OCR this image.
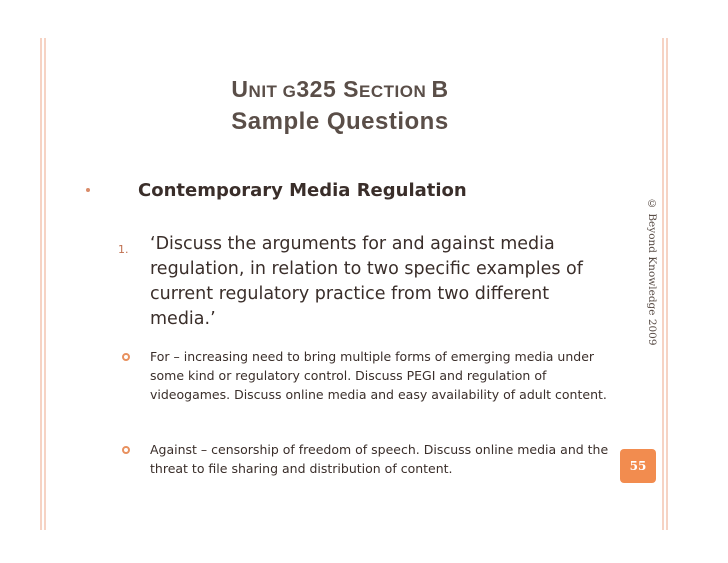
UNIT G325 SECTION B
Sample Questions
Contemporary Media Regulation
1. ‘Discuss the arguments for and against media regulation, in relation to two specific examples of current regulatory practice from two different media.’
For – increasing need to bring multiple forms of emerging media under some kind or regulatory control. Discuss PEGI and regulation of videogames. Discuss online media and easy availability of adult content.
Against – censorship of freedom of speech. Discuss online media and the threat to file sharing and distribution of content.
© Beyond Knowledge 2009
55
